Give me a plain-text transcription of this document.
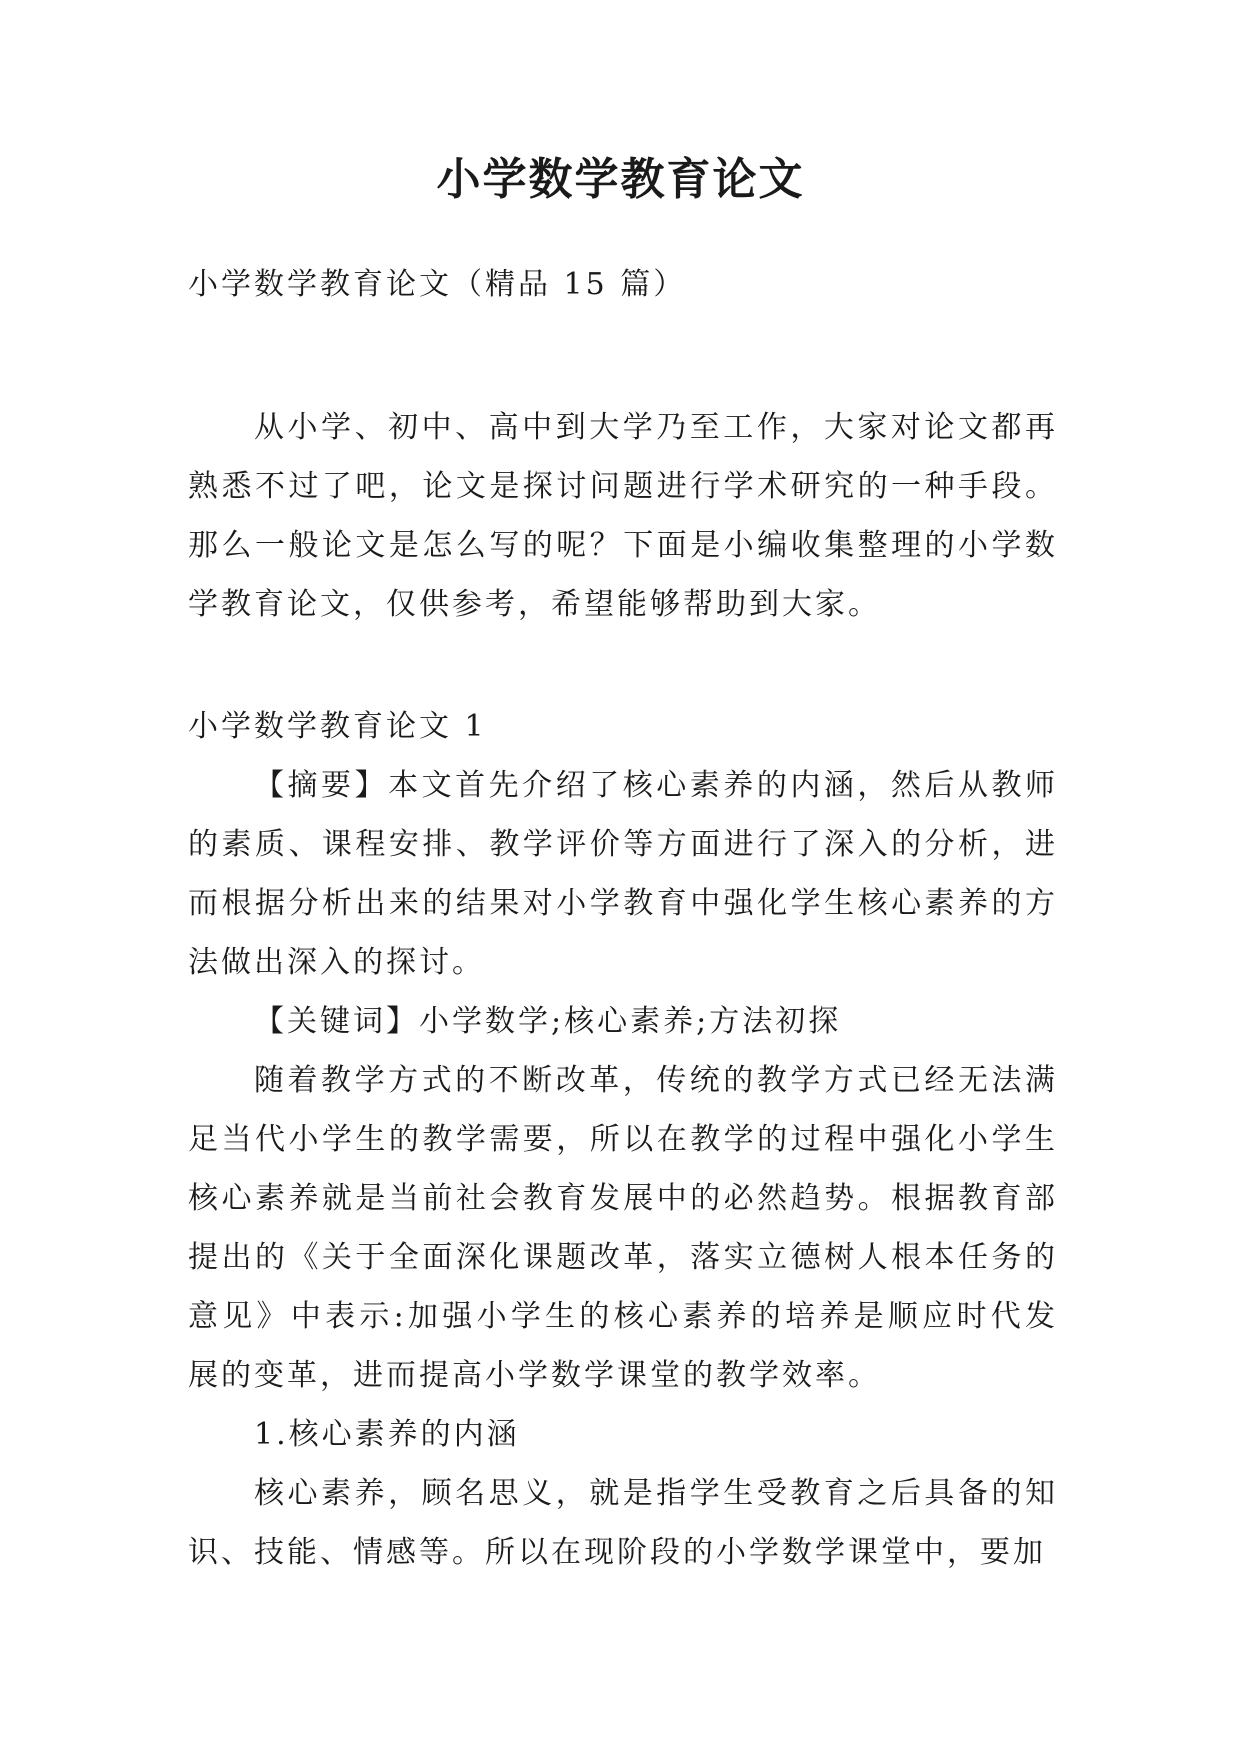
小学数学教育论文
小学数学教育论文（精品 15 篇）

从小学、初中、高中到大学乃至工作，大家对论文都再熟悉不过了吧，论文是探讨问题进行学术研究的一种手段。那么一般论文是怎么写的呢？下面是小编收集整理的小学数学教育论文，仅供参考，希望能够帮助到大家。

小学数学教育论文 1

【摘要】本文首先介绍了核心素养的内涵，然后从教师的素质、课程安排、教学评价等方面进行了深入的分析，进而根据分析出来的结果对小学教育中强化学生核心素养的方法做出深入的探讨。

【关键词】小学数学;核心素养;方法初探

随着教学方式的不断改革，传统的教学方式已经无法满足当代小学生的教学需要，所以在教学的过程中强化小学生核心素养就是当前社会教育发展中的必然趋势。根据教育部提出的《关于全面深化课题改革，落实立德树人根本任务的意见》中表示:加强小学生的核心素养的培养是顺应时代发展的变革，进而提高小学数学课堂的教学效率。

1.核心素养的内涵

核心素养，顾名思义，就是指学生受教育之后具备的知识、技能、情感等。所以在现阶段的小学数学课堂中，要加
